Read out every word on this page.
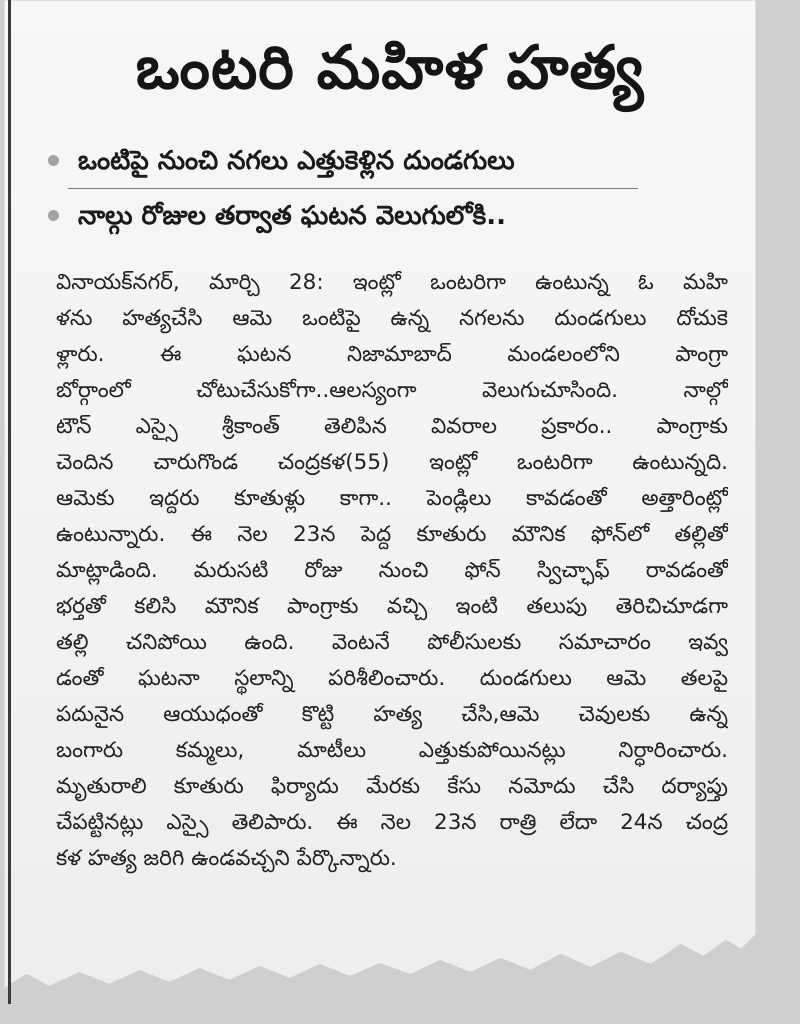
ఒంటరి మహిళ హత్య
ఒంటిపై నుంచి నగలు ఎత్తుకెళ్లిన దుండగులు
నాల్గు రోజుల తర్వాత ఘటన వెలుగులోకి..
వినాయక్‌నగర్, మార్చి 28: ఇంట్లో ఒంటరిగా ఉంటున్న ఓ మహి
ళను హత్యచేసి ఆమె ఒంటిపై ఉన్న నగలను దుండగులు దోచుకె
ళ్లారు. ఈ ఘటన నిజామాబాద్ మండలంలోని పాంగ్రా
బోర్గాంలో చోటుచేసుకోగా..ఆలస్యంగా వెలుగుచూసింది. నాల్గో
టౌన్ ఎస్సై శ్రీకాంత్ తెలిపిన వివరాల ప్రకారం.. పాంగ్రాకు
చెందిన చారుగొండ చంద్రకళ(55) ఇంట్లో ఒంటరిగా ఉంటున్నది.
ఆమెకు ఇద్దరు కూతుళ్లు కాగా.. పెండ్లిలు కావడంతో అత్తారింట్లో
ఉంటున్నారు. ఈ నెల 23న పెద్ద కూతురు మౌనిక ఫోన్‌లో తల్లితో
మాట్లాడింది. మరుసటి రోజు నుంచి ఫోన్ స్విచ్ఛాఫ్ రావడంతో
భర్తతో కలిసి మౌనిక పాంగ్రాకు వచ్చి ఇంటి తలుపు తెరిచిచూడగా
తల్లి చనిపోయి ఉంది. వెంటనే పోలీసులకు సమాచారం ఇవ్వ
డంతో ఘటనా స్థలాన్ని పరిశీలించారు. దుండగులు ఆమె తలపై
పదునైన ఆయుధంతో కొట్టి హత్య చేసి,ఆమె చెవులకు ఉన్న
బంగారు కమ్మలు, మాటీలు ఎత్తుకుపోయినట్లు నిర్ధారించారు.
మృతురాలి కూతురు ఫిర్యాదు మేరకు కేసు నమోదు చేసి దర్యాప్తు
చేపట్టినట్లు ఎస్సై తెలిపారు. ఈ నెల 23న రాత్రి లేదా 24న చంద్ర
కళ హత్య జరిగి ఉండవచ్చని పేర్కొన్నారు.
